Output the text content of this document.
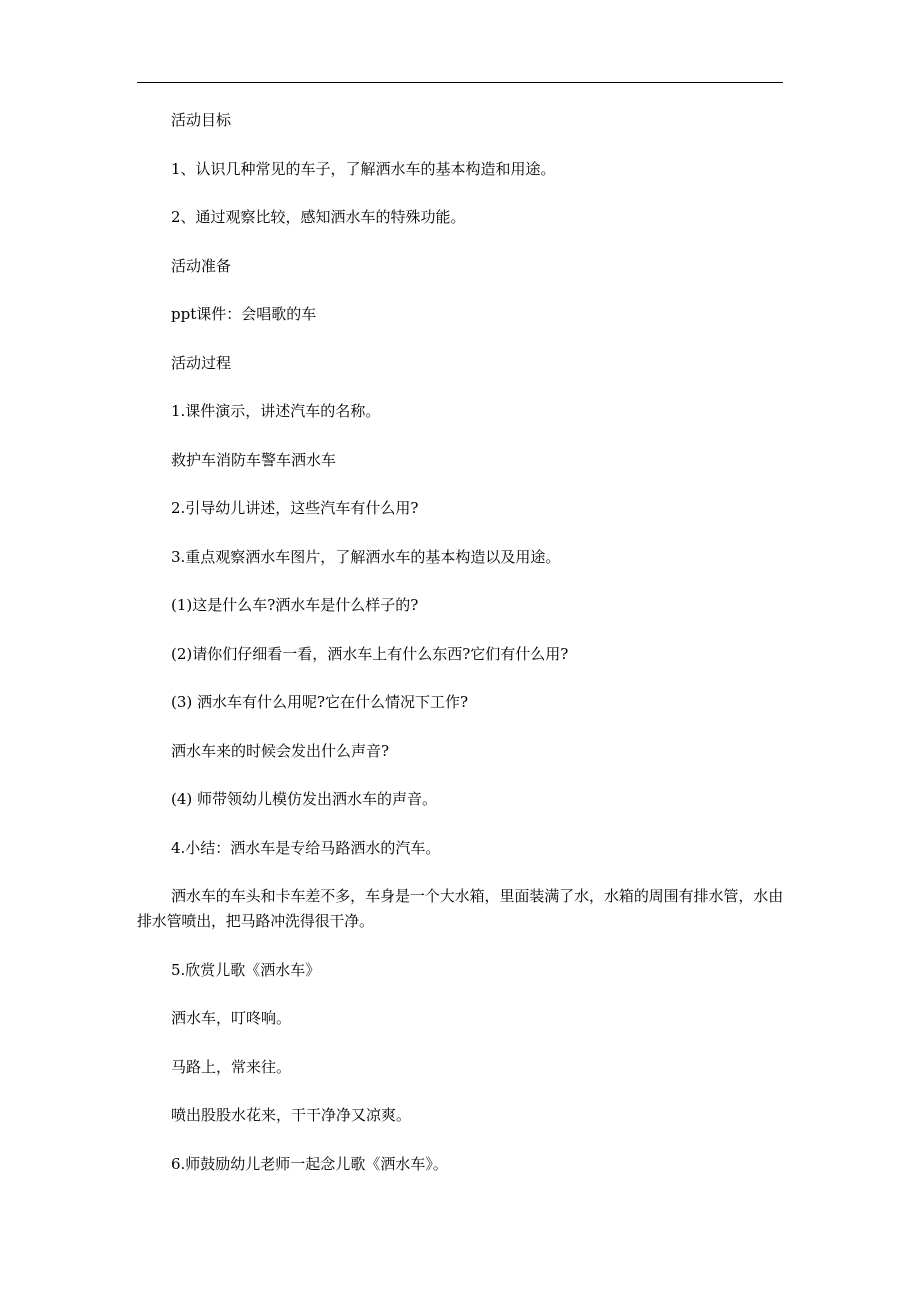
活动目标

1、认识几种常见的车子，了解洒水车的基本构造和用途。

2、通过观察比较，感知洒水车的特殊功能。

活动准备

ppt课件：会唱歌的车

活动过程

1.课件演示，讲述汽车的名称。

救护车消防车警车洒水车

2.引导幼儿讲述，这些汽车有什么用?

3.重点观察洒水车图片，了解洒水车的基本构造以及用途。

(1)这是什么车?洒水车是什么样子的?

(2)请你们仔细看一看，洒水车上有什么东西?它们有什么用?

(3) 洒水车有什么用呢?它在什么情况下工作?

洒水车来的时候会发出什么声音?

(4) 师带领幼儿模仿发出洒水车的声音。

4.小结：洒水车是专给马路洒水的汽车。

洒水车的车头和卡车差不多，车身是一个大水箱，里面装满了水，水箱的周围有排水管，水由排水管喷出，把马路冲洗得很干净。

5.欣赏儿歌《洒水车》

洒水车，叮咚响。

马路上，常来往。

喷出股股水花来，干干净净又凉爽。

6.师鼓励幼儿老师一起念儿歌《洒水车》。
